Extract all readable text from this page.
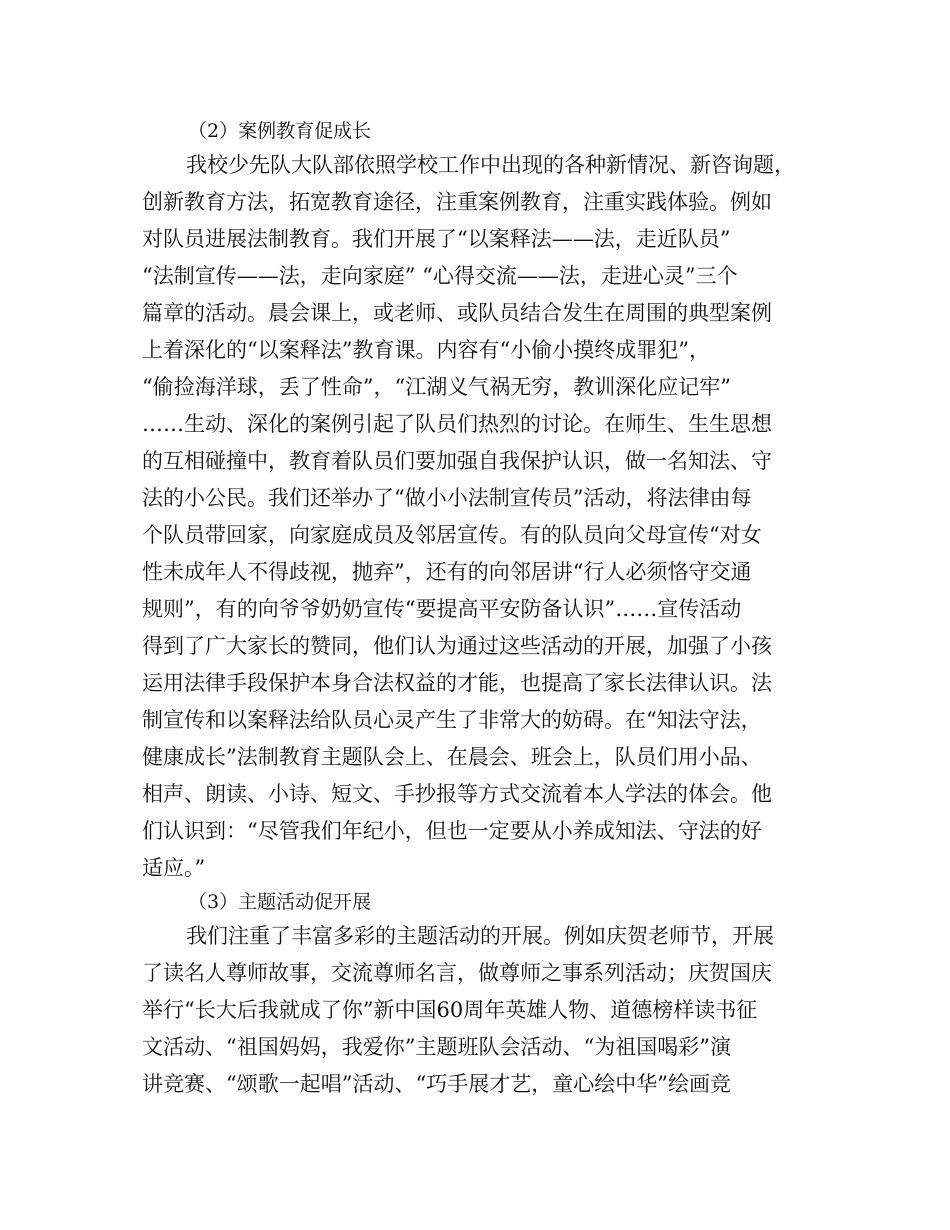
（2）案例教育促成长
我校少先队大队部依照学校工作中出现的各种新情况、新咨询题，
创新教育方法，拓宽教育途径，注重案例教育，注重实践体验。例如
对队员进展法制教育。我们开展了“以案释法——法，走近队员”
“法制宣传——法，走向家庭” “心得交流——法，走进心灵”三个
篇章的活动。晨会课上，或老师、或队员结合发生在周围的典型案例
上着深化的“以案释法”教育课。内容有“小偷小摸终成罪犯”，
“偷捡海洋球，丢了性命”，“江湖义气祸无穷，教训深化应记牢”
……生动、深化的案例引起了队员们热烈的讨论。在师生、生生思想
的互相碰撞中，教育着队员们要加强自我保护认识，做一名知法、守
法的小公民。我们还举办了“做小小法制宣传员”活动，将法律由每
个队员带回家，向家庭成员及邻居宣传。有的队员向父母宣传“对女
性未成年人不得歧视，抛弃”，还有的向邻居讲“行人必须恪守交通
规则”，有的向爷爷奶奶宣传“要提高平安防备认识”……宣传活动
得到了广大家长的赞同，他们认为通过这些活动的开展，加强了小孩
运用法律手段保护本身合法权益的才能，也提高了家长法律认识。法
制宣传和以案释法给队员心灵产生了非常大的妨碍。在“知法守法，
健康成长”法制教育主题队会上、在晨会、班会上，队员们用小品、
相声、朗读、小诗、短文、手抄报等方式交流着本人学法的体会。他
们认识到：“尽管我们年纪小，但也一定要从小养成知法、守法的好
适应。”
（3）主题活动促开展
我们注重了丰富多彩的主题活动的开展。例如庆贺老师节，开展
了读名人尊师故事，交流尊师名言，做尊师之事系列活动；庆贺国庆
举行“长大后我就成了你”新中国60周年英雄人物、道德榜样读书征
文活动、“祖国妈妈，我爱你”主题班队会活动、“为祖国喝彩”演
讲竞赛、“颂歌一起唱”活动、“巧手展才艺，童心绘中华”绘画竞
